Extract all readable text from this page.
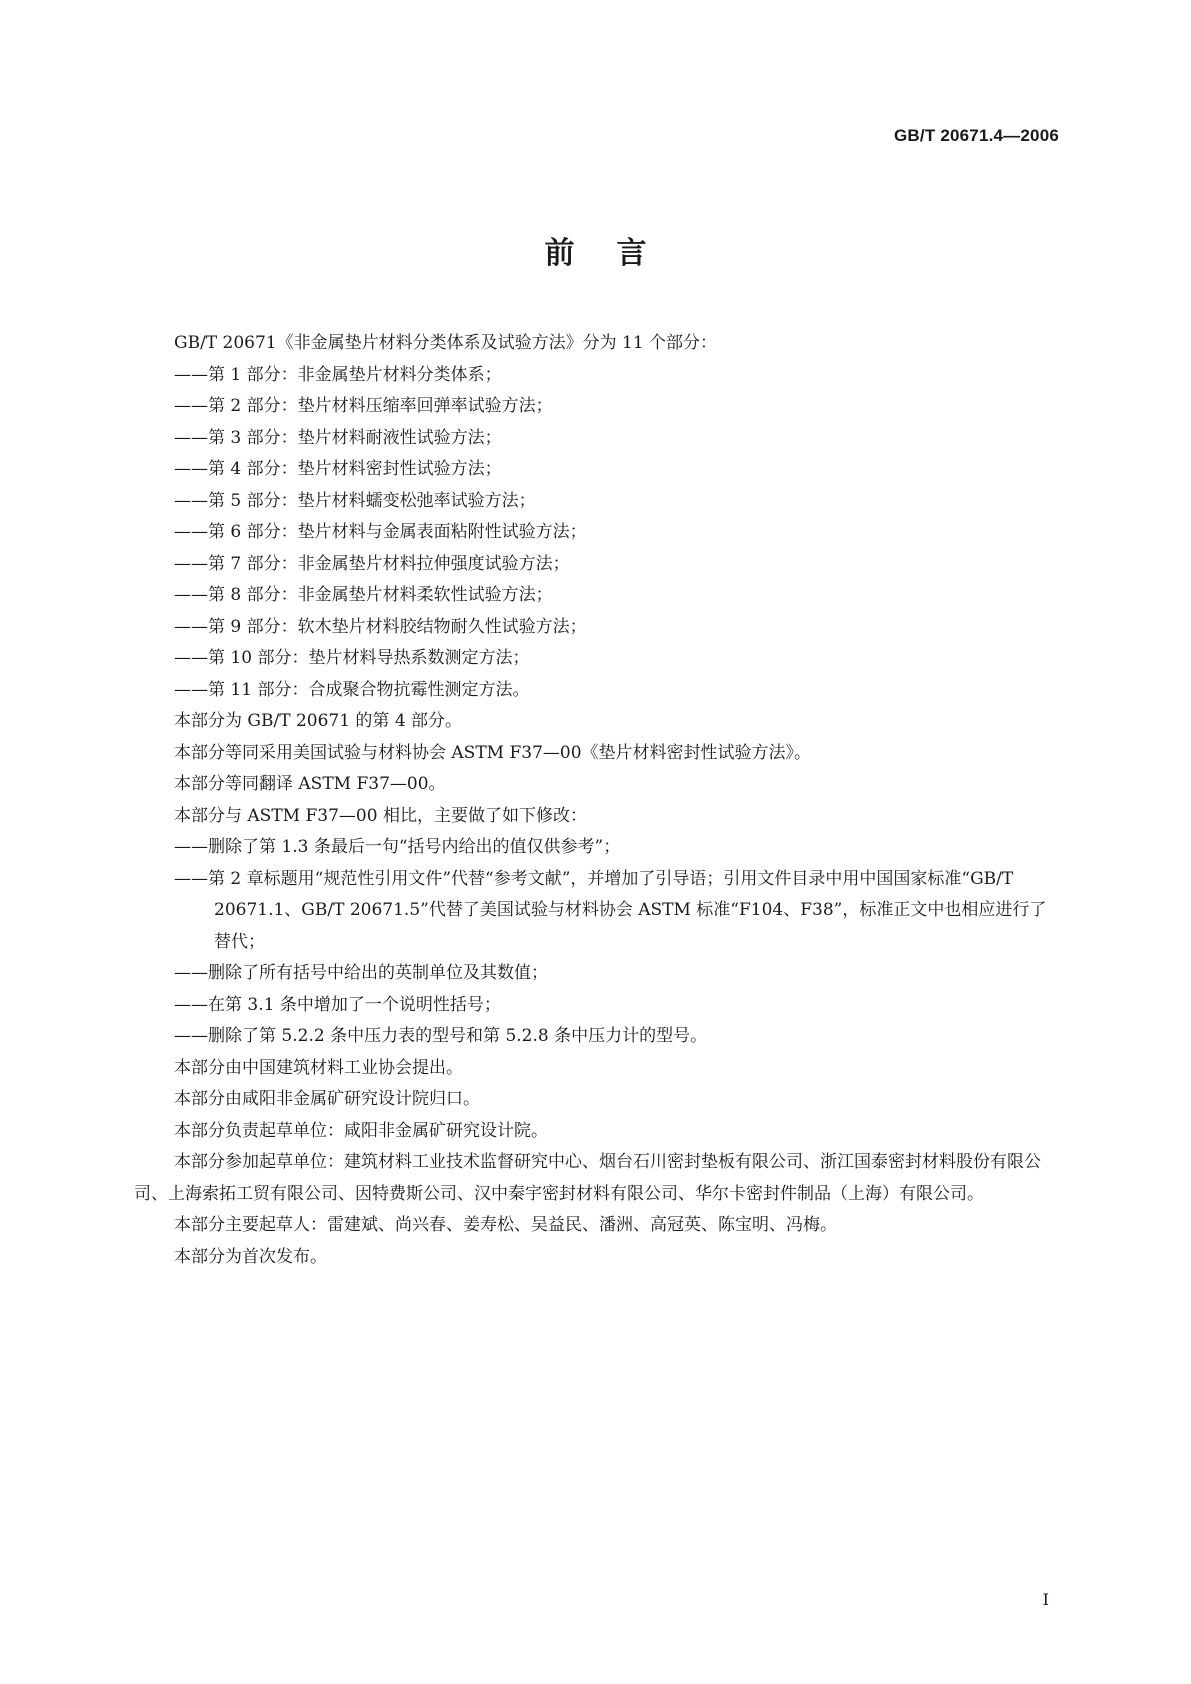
GB/T 20671.4—2006
前言

GB/T 20671《非金属垫片材料分类体系及试验方法》分为 11 个部分：

——第 1 部分：非金属垫片材料分类体系；

——第 2 部分：垫片材料压缩率回弹率试验方法；

——第 3 部分：垫片材料耐液性试验方法；

——第 4 部分：垫片材料密封性试验方法；

——第 5 部分：垫片材料蠕变松弛率试验方法；

——第 6 部分：垫片材料与金属表面粘附性试验方法；

——第 7 部分：非金属垫片材料拉伸强度试验方法；

——第 8 部分：非金属垫片材料柔软性试验方法；

——第 9 部分：软木垫片材料胶结物耐久性试验方法；

——第 10 部分：垫片材料导热系数测定方法；

——第 11 部分：合成聚合物抗霉性测定方法。

本部分为 GB/T 20671 的第 4 部分。

本部分等同采用美国试验与材料协会 ASTM F37—00《垫片材料密封性试验方法》。

本部分等同翻译 ASTM F37—00。

本部分与 ASTM F37—00 相比，主要做了如下修改：

——删除了第 1.3 条最后一句“括号内给出的值仅供参考”；

——第 2 章标题用“规范性引用文件”代替“参考文献”，并增加了引导语；引用文件目录中用中国国家标准“GB/T 20671.1、GB/T 20671.5”代替了美国试验与材料协会 ASTM 标准“F104、F38”，标准正文中也相应进行了替代；

——删除了所有括号中给出的英制单位及其数值；

——在第 3.1 条中增加了一个说明性括号；

——删除了第 5.2.2 条中压力表的型号和第 5.2.8 条中压力计的型号。

本部分由中国建筑材料工业协会提出。

本部分由咸阳非金属矿研究设计院归口。

本部分负责起草单位：咸阳非金属矿研究设计院。

本部分参加起草单位：建筑材料工业技术监督研究中心、烟台石川密封垫板有限公司、浙江国泰密封材料股份有限公司、上海索拓工贸有限公司、因特费斯公司、汉中秦宇密封材料有限公司、华尔卡密封件制品（上海）有限公司。

本部分主要起草人：雷建斌、尚兴春、姜寿松、吴益民、潘洲、高冠英、陈宝明、冯梅。

本部分为首次发布。

I
